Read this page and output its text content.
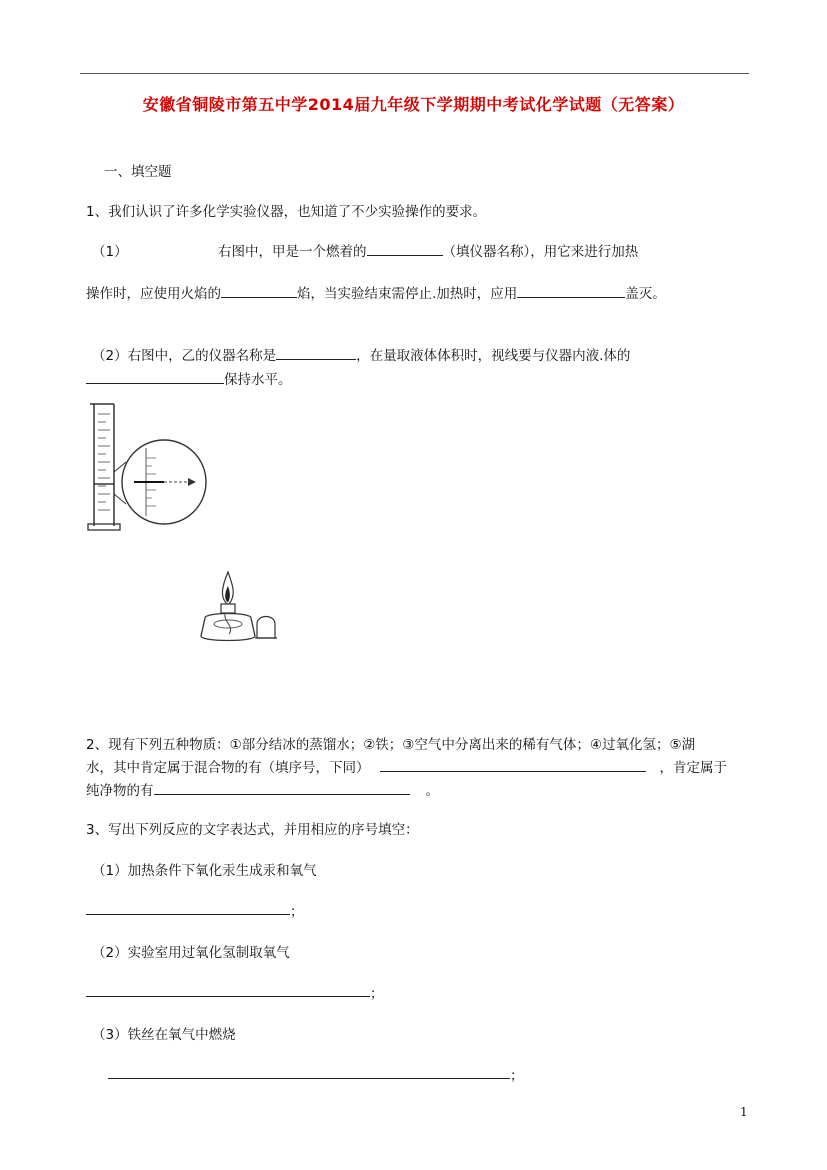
安徽省铜陵市第五中学2014届九年级下学期期中考试化学试题（无答案）
一、填空题
1、我们认识了许多化学实验仪器，也知道了不少实验操作的要求。
（1）	右图中，甲是一个燃着的	（填仪器名称），用它来进行加热
操作时，应使用火焰的	焰，当实验结束需停止.加热时，应用	盖灭。
（2）右图中，乙的仪器名称是	，在量取液体体积时，视线要与仪器内液.体的
保持水平。
2、现有下列五种物质：①部分结冰的蒸馏水；②铁；③空气中分离出来的稀有气体；④过氧化氢；⑤湖
水，其中肯定属于混合物的有（填序号，下同）	，肯定属于
纯净物的有	。
3、写出下列反应的文字表达式，并用相应的序号填空：
（1）加热条件下氧化汞生成汞和氧气
；
（2）实验室用过氧化氢制取氧气
；
（3）铁丝在氧气中燃烧
；
1
